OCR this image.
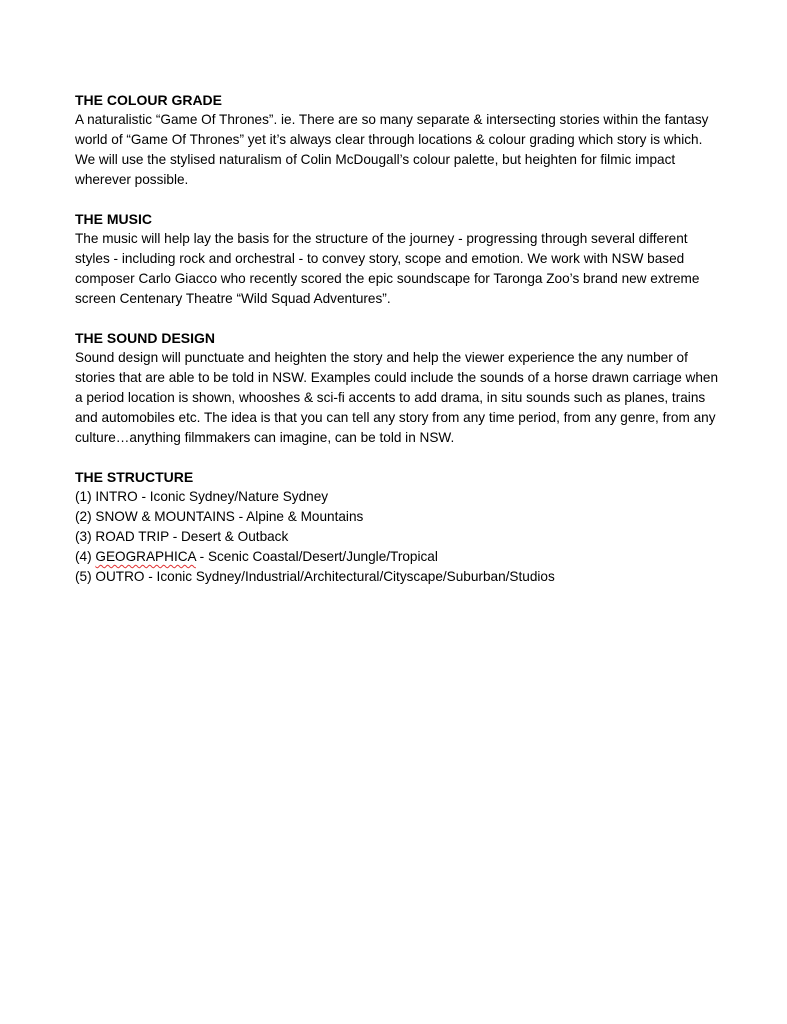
THE COLOUR GRADE

A naturalistic “Game Of Thrones”. ie. There are so many separate & intersecting stories within the fantasy world of “Game Of Thrones” yet it’s always clear through locations & colour grading which story is which. We will use the stylised naturalism of Colin McDougall’s colour palette, but heighten for filmic impact wherever possible.

THE MUSIC

The music will help lay the basis for the structure of the journey - progressing through several different styles - including rock and orchestral - to convey story, scope and emotion. We work with NSW based composer Carlo Giacco who recently scored the epic soundscape for Taronga Zoo’s brand new extreme screen Centenary Theatre “Wild Squad Adventures”.

THE SOUND DESIGN

Sound design will punctuate and heighten the story and help the viewer experience the any number of stories that are able to be told in NSW. Examples could include the sounds of a horse drawn carriage when a period location is shown, whooshes & sci-fi accents to add drama, in situ sounds such as planes, trains and automobiles etc. The idea is that you can tell any story from any time period, from any genre, from any culture…anything filmmakers can imagine, can be told in NSW.

THE STRUCTURE

(1) INTRO - Iconic Sydney/Nature Sydney
(2) SNOW & MOUNTAINS - Alpine & Mountains
(3) ROAD TRIP - Desert & Outback
(4) GEOGRAPHICA - Scenic Coastal/Desert/Jungle/Tropical
(5) OUTRO - Iconic Sydney/Industrial/Architectural/Cityscape/Suburban/Studios
